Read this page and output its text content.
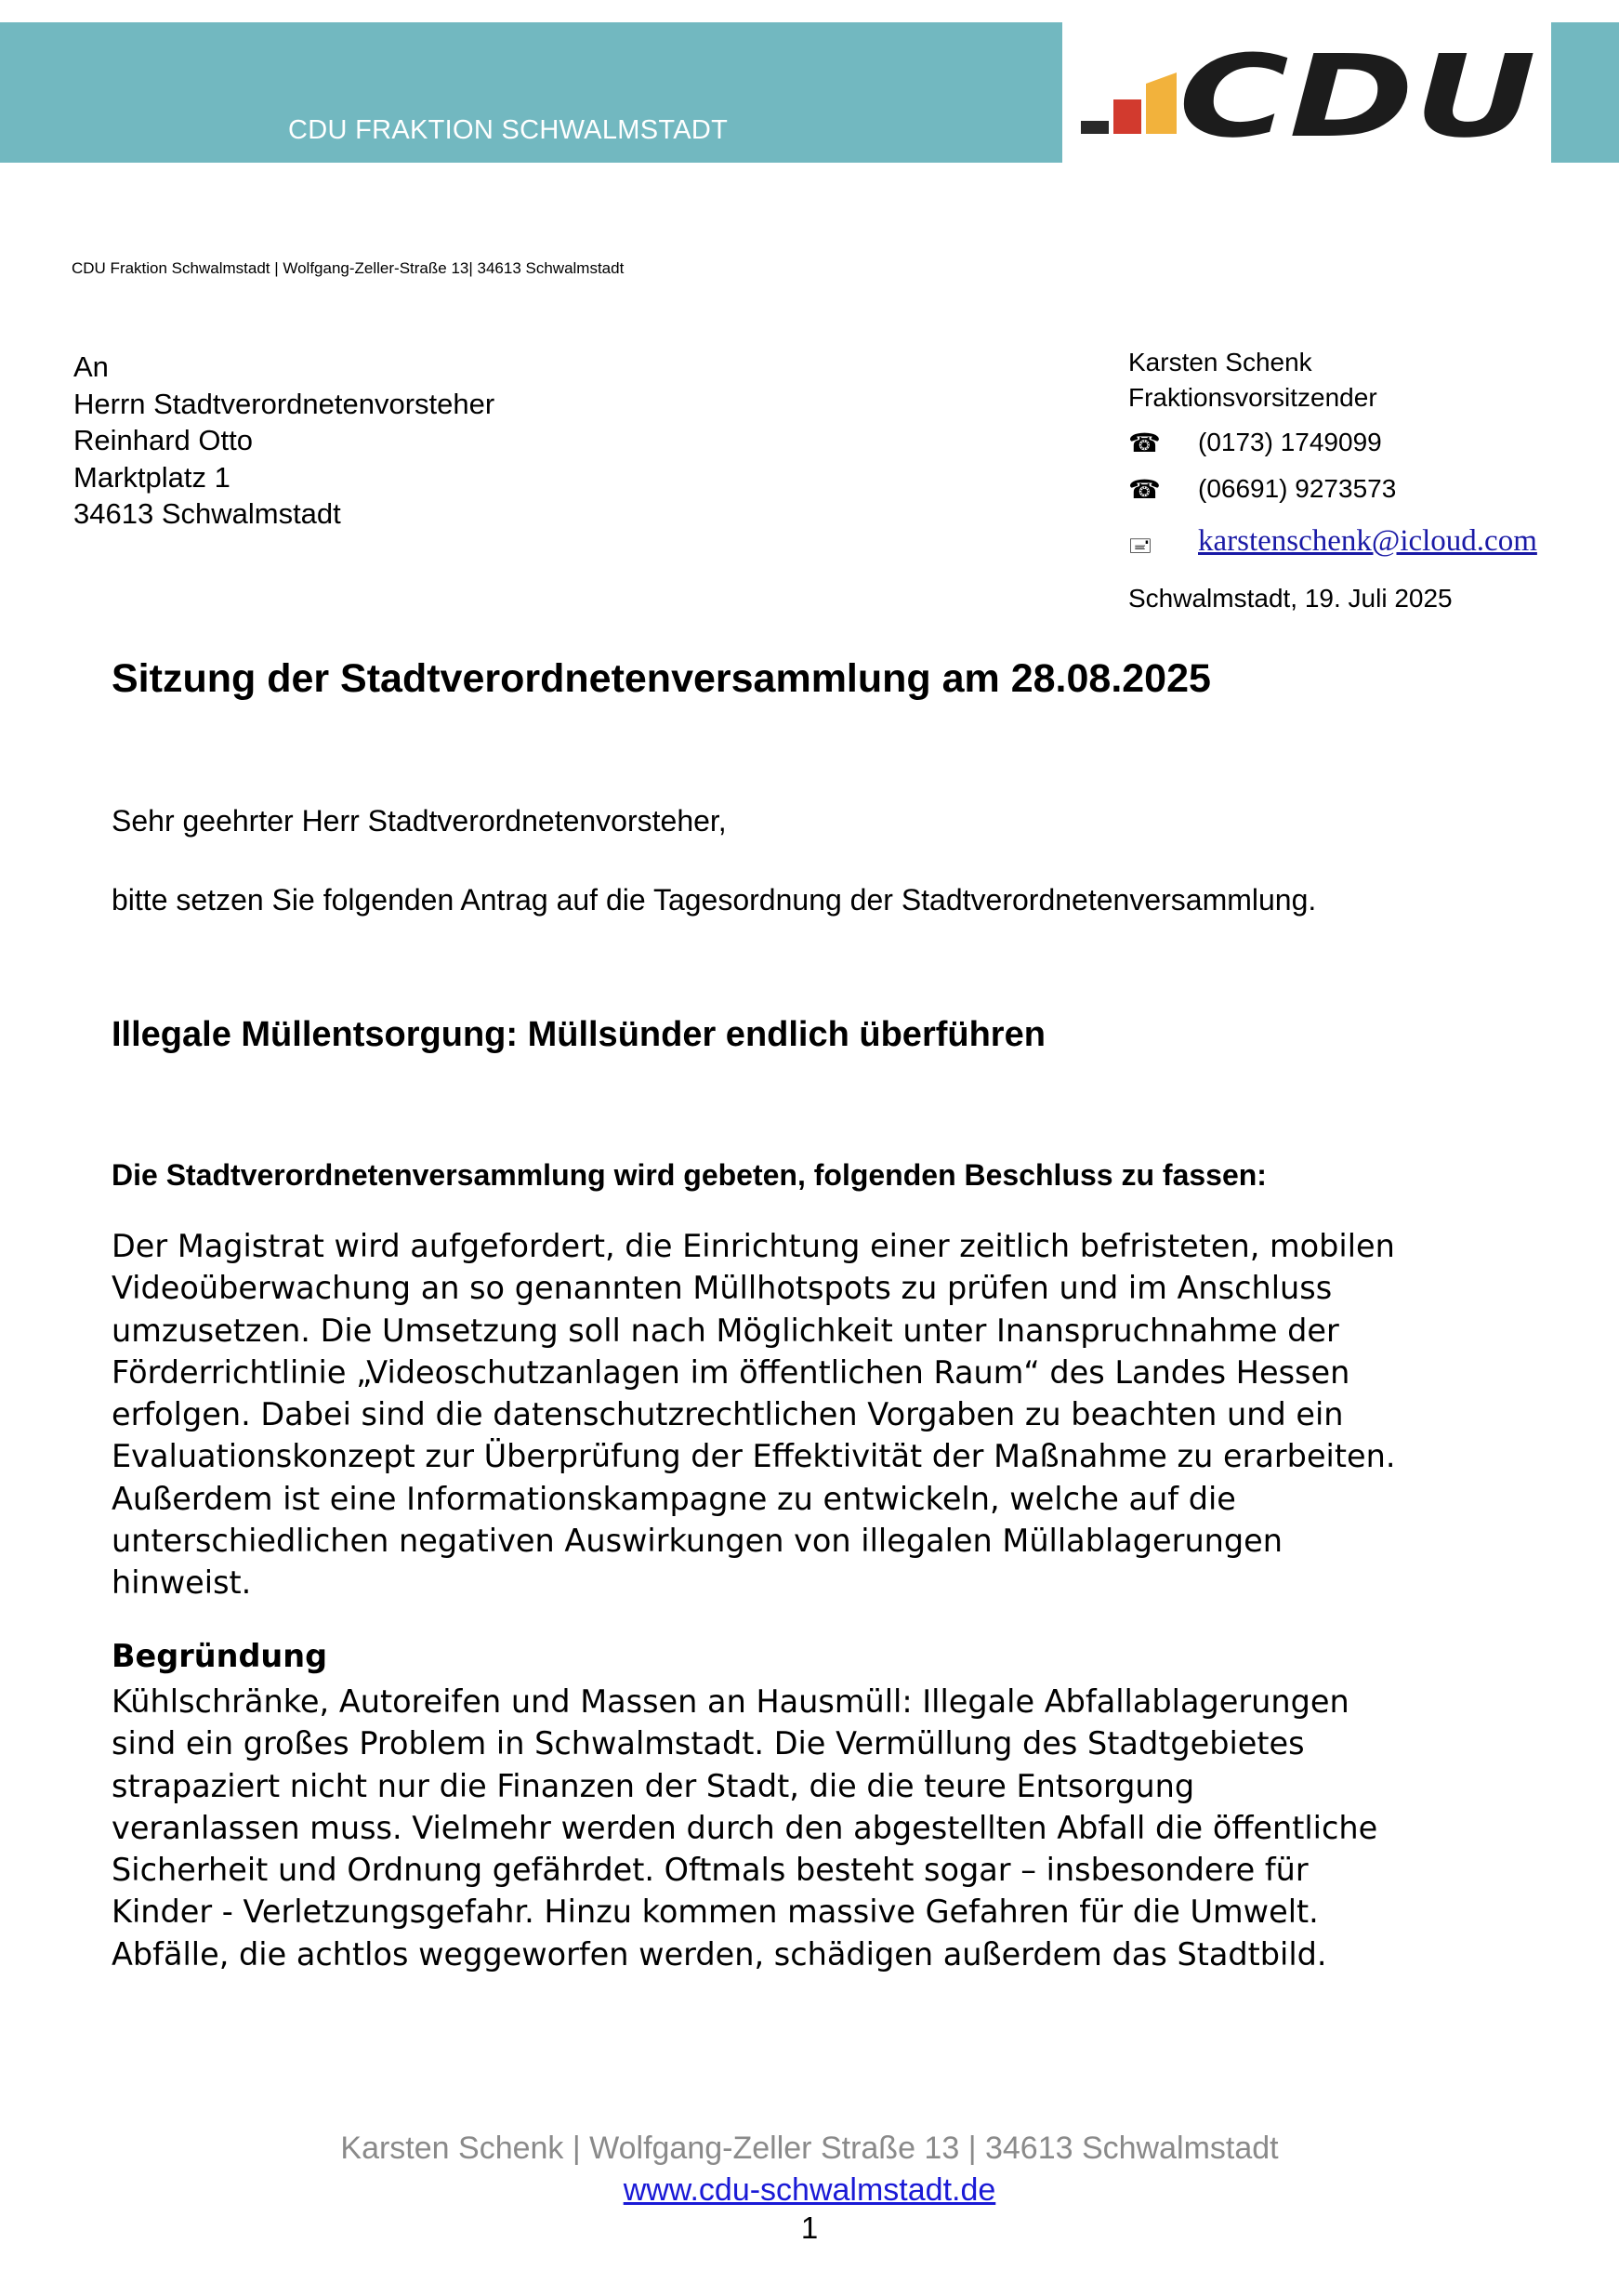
CDU FRAKTION SCHWALMSTADT	CDU
CDU Fraktion Schwalmstadt | Wolfgang-Zeller-Straße 13| 34613 Schwalmstadt
An
Herrn Stadtverordnetenvorsteher
Reinhard Otto
Marktplatz 1
34613 Schwalmstadt
Karsten Schenk
Fraktionsvorsitzender
☎ (0173) 1749099
☎ (06691) 9273573
🖃 karstenschenk@icloud.com
Schwalmstadt, 19. Juli 2025
Sitzung der Stadtverordnetenversammlung am 28.08.2025
Sehr geehrter Herr Stadtverordnetenvorsteher,
bitte setzen Sie folgenden Antrag auf die Tagesordnung der Stadtverordnetenversammlung.
Illegale Müllentsorgung: Müllsünder endlich überführen
Die Stadtverordnetenversammlung wird gebeten, folgenden Beschluss zu fassen:
Der Magistrat wird aufgefordert, die Einrichtung einer zeitlich befristeten, mobilen
Videoüberwachung an so genannten Müllhotspots zu prüfen und im Anschluss
umzusetzen. Die Umsetzung soll nach Möglichkeit unter Inanspruchnahme der
Förderrichtlinie „Videoschutzanlagen im öffentlichen Raum“ des Landes Hessen
erfolgen. Dabei sind die datenschutzrechtlichen Vorgaben zu beachten und ein
Evaluationskonzept zur Überprüfung der Effektivität der Maßnahme zu erarbeiten.
Außerdem ist eine Informationskampagne zu entwickeln, welche auf die
unterschiedlichen negativen Auswirkungen von illegalen Müllablagerungen
hinweist.
Begründung
Kühlschränke, Autoreifen und Massen an Hausmüll: Illegale Abfallablagerungen
sind ein großes Problem in Schwalmstadt. Die Vermüllung des Stadtgebietes
strapaziert nicht nur die Finanzen der Stadt, die die teure Entsorgung
veranlassen muss. Vielmehr werden durch den abgestellten Abfall die öffentliche
Sicherheit und Ordnung gefährdet. Oftmals besteht sogar – insbesondere für
Kinder - Verletzungsgefahr. Hinzu kommen massive Gefahren für die Umwelt.
Abfälle, die achtlos weggeworfen werden, schädigen außerdem das Stadtbild.
Karsten Schenk | Wolfgang-Zeller Straße 13 | 34613 Schwalmstadt
www.cdu-schwalmstadt.de
1
